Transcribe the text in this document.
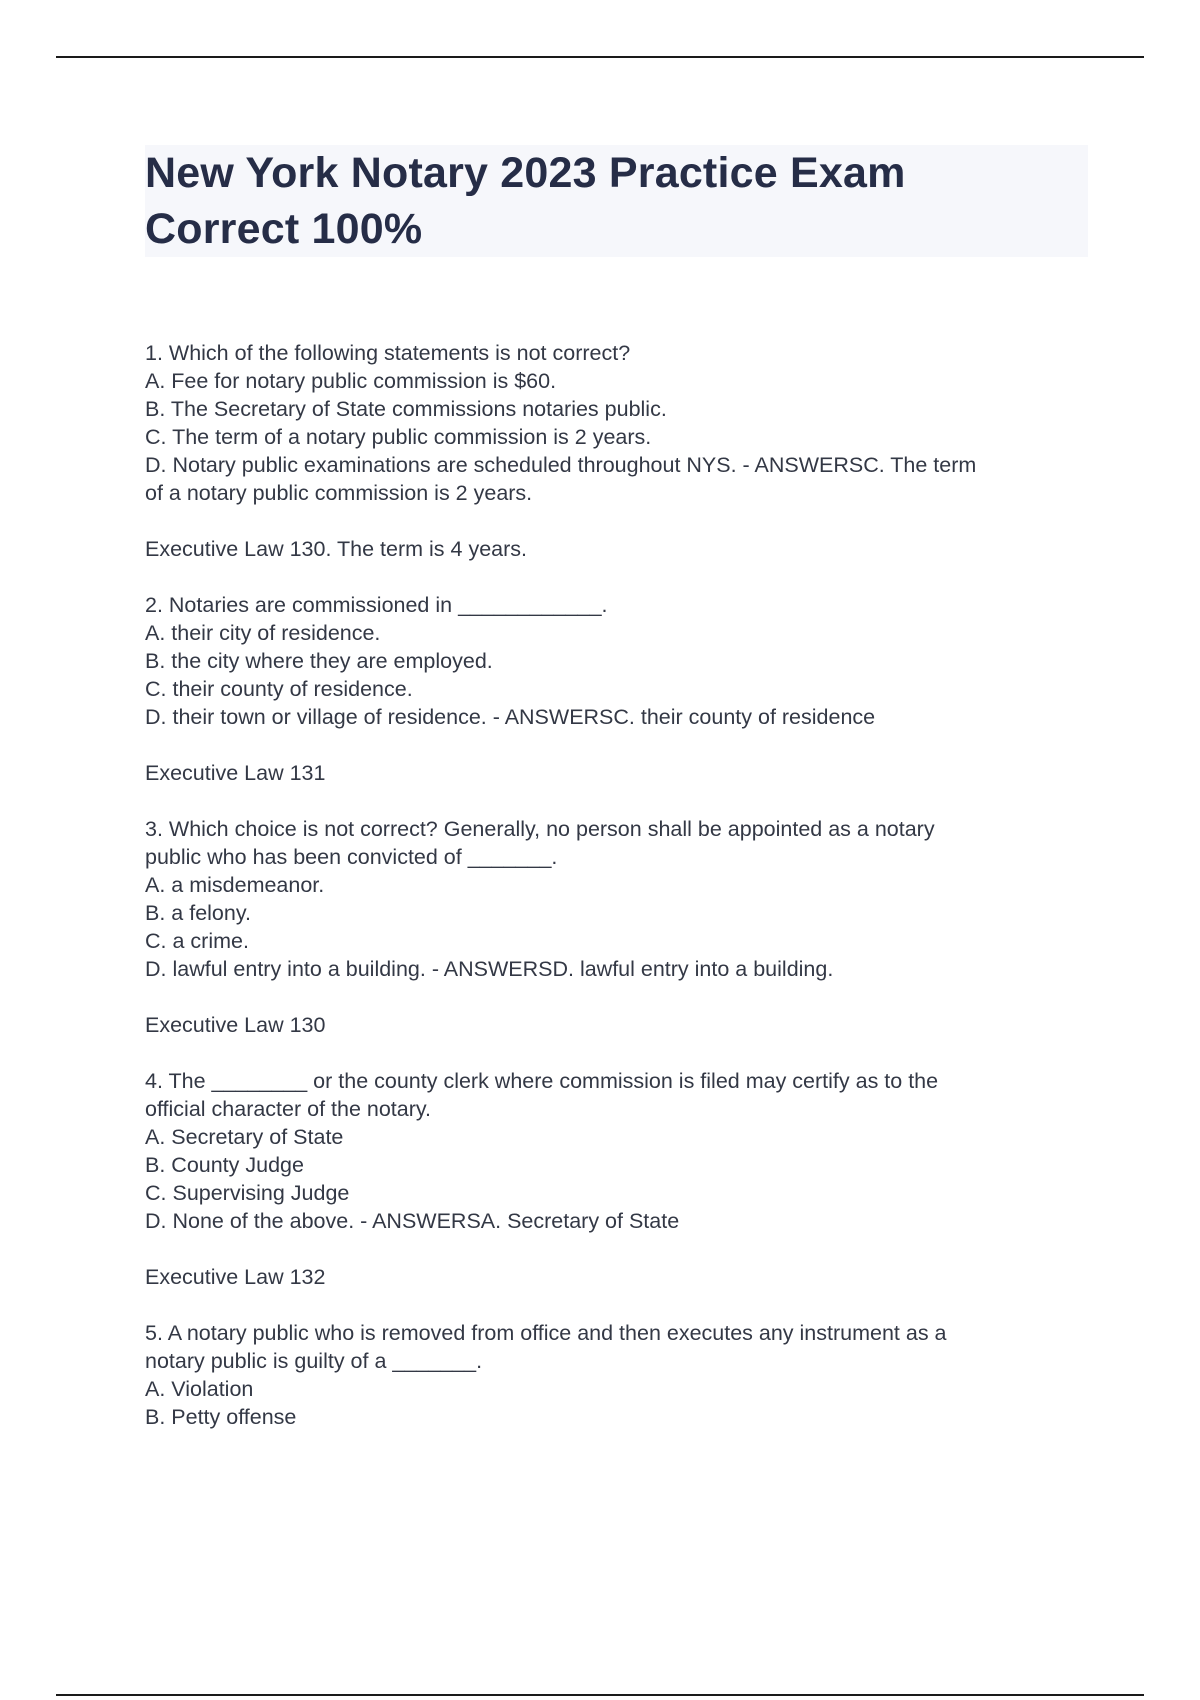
New York Notary 2023 Practice Exam
Correct 100%
1. Which of the following statements is not correct?
A. Fee for notary public commission is $60.
B. The Secretary of State commissions notaries public.
C. The term of a notary public commission is 2 years.
D. Notary public examinations are scheduled throughout NYS. - ANSWERSC. The term
of a notary public commission is 2 years.
Executive Law 130. The term is 4 years.
2. Notaries are commissioned in ____________.
A. their city of residence.
B. the city where they are employed.
C. their county of residence.
D. their town or village of residence. - ANSWERSC. their county of residence
Executive Law 131
3. Which choice is not correct? Generally, no person shall be appointed as a notary
public who has been convicted of _______.
A. a misdemeanor.
B. a felony.
C. a crime.
D. lawful entry into a building. - ANSWERSD. lawful entry into a building.
Executive Law 130
4. The ________ or the county clerk where commission is filed may certify as to the
official character of the notary.
A. Secretary of State
B. County Judge
C. Supervising Judge
D. None of the above. - ANSWERSA. Secretary of State
Executive Law 132
5. A notary public who is removed from office and then executes any instrument as a
notary public is guilty of a _______.
A. Violation
B. Petty offense
